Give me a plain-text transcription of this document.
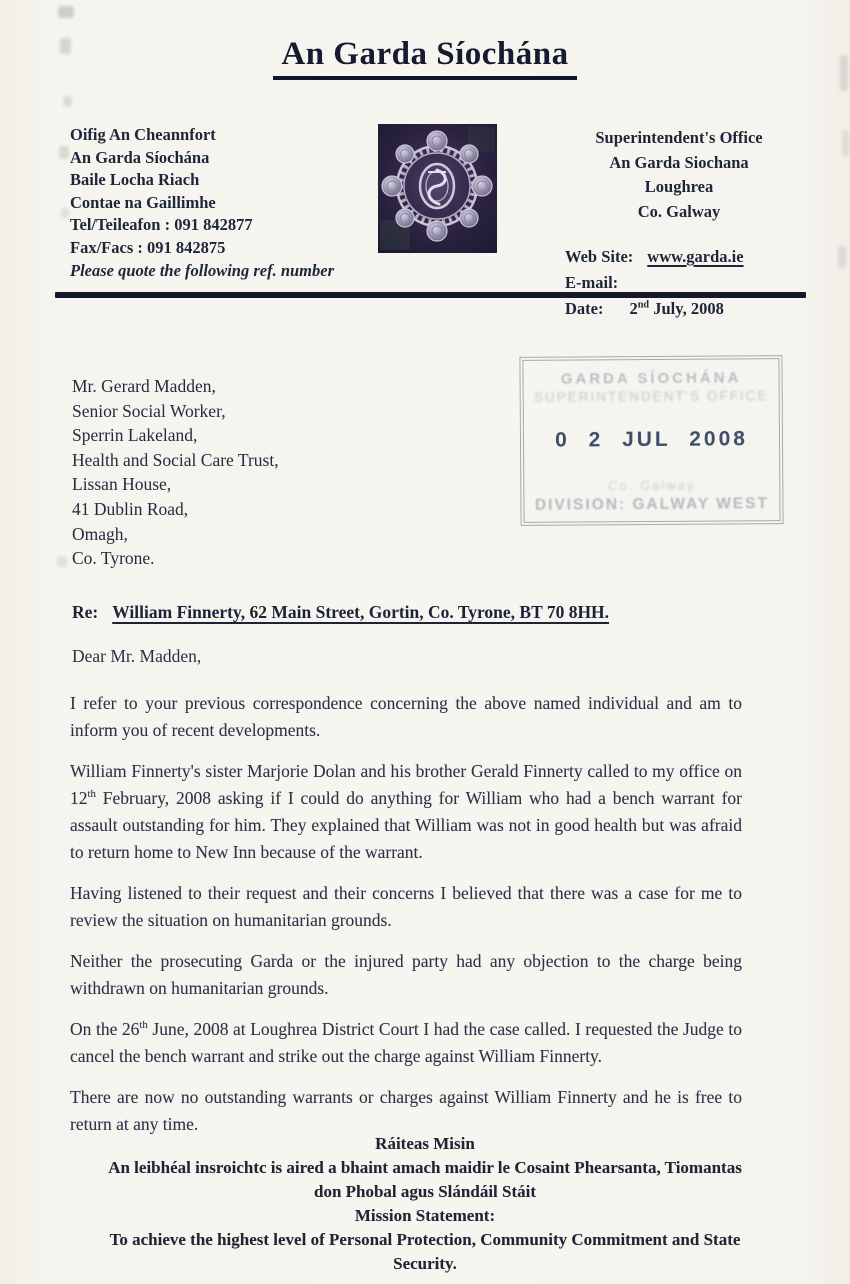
An Garda Síochána
Oifig An Cheannfort
An Garda Síochána
Baile Locha Riach
Contae na Gaillimhe
Tel/Teileafon : 091 842877
Fax/Facs : 091 842875
Please quote the following ref. number
Superintendent's Office
An Garda Siochana
Loughrea
Co. Galway
Web Site: www.garda.ie
E-mail:
Date: 2nd July, 2008
Mr. Gerard Madden,
Senior Social Worker,
Sperrin Lakeland,
Health and Social Care Trust,
Lissan House,
41 Dublin Road,
Omagh,
Co. Tyrone.
GARDA SÍOCHÁNA
SUPERINTENDENT'S OFFICE
0 2 JUL 2008
Co. Galway
DIVISION: GALWAY WEST
Re: William Finnerty, 62 Main Street, Gortin, Co. Tyrone, BT 70 8HH.
Dear Mr. Madden,

I refer to your previous correspondence concerning the above named individual and am to inform you of recent developments.

William Finnerty's sister Marjorie Dolan and his brother Gerald Finnerty called to my office on 12th February, 2008 asking if I could do anything for William who had a bench warrant for assault outstanding for him. They explained that William was not in good health but was afraid to return home to New Inn because of the warrant.

Having listened to their request and their concerns I believed that there was a case for me to review the situation on humanitarian grounds.

Neither the prosecuting Garda or the injured party had any objection to the charge being withdrawn on humanitarian grounds.

On the 26th June, 2008 at Loughrea District Court I had the case called. I requested the Judge to cancel the bench warrant and strike out the charge against William Finnerty.

There are now no outstanding warrants or charges against William Finnerty and he is free to return at any time.

Ráiteas Misin
An leibhéal insroichtc is aired a bhaint amach maidir le Cosaint Phearsanta, Tiomantas
don Phobal agus Slándáil Stáit
Mission Statement:
To achieve the highest level of Personal Protection, Community Commitment and State
Security.
